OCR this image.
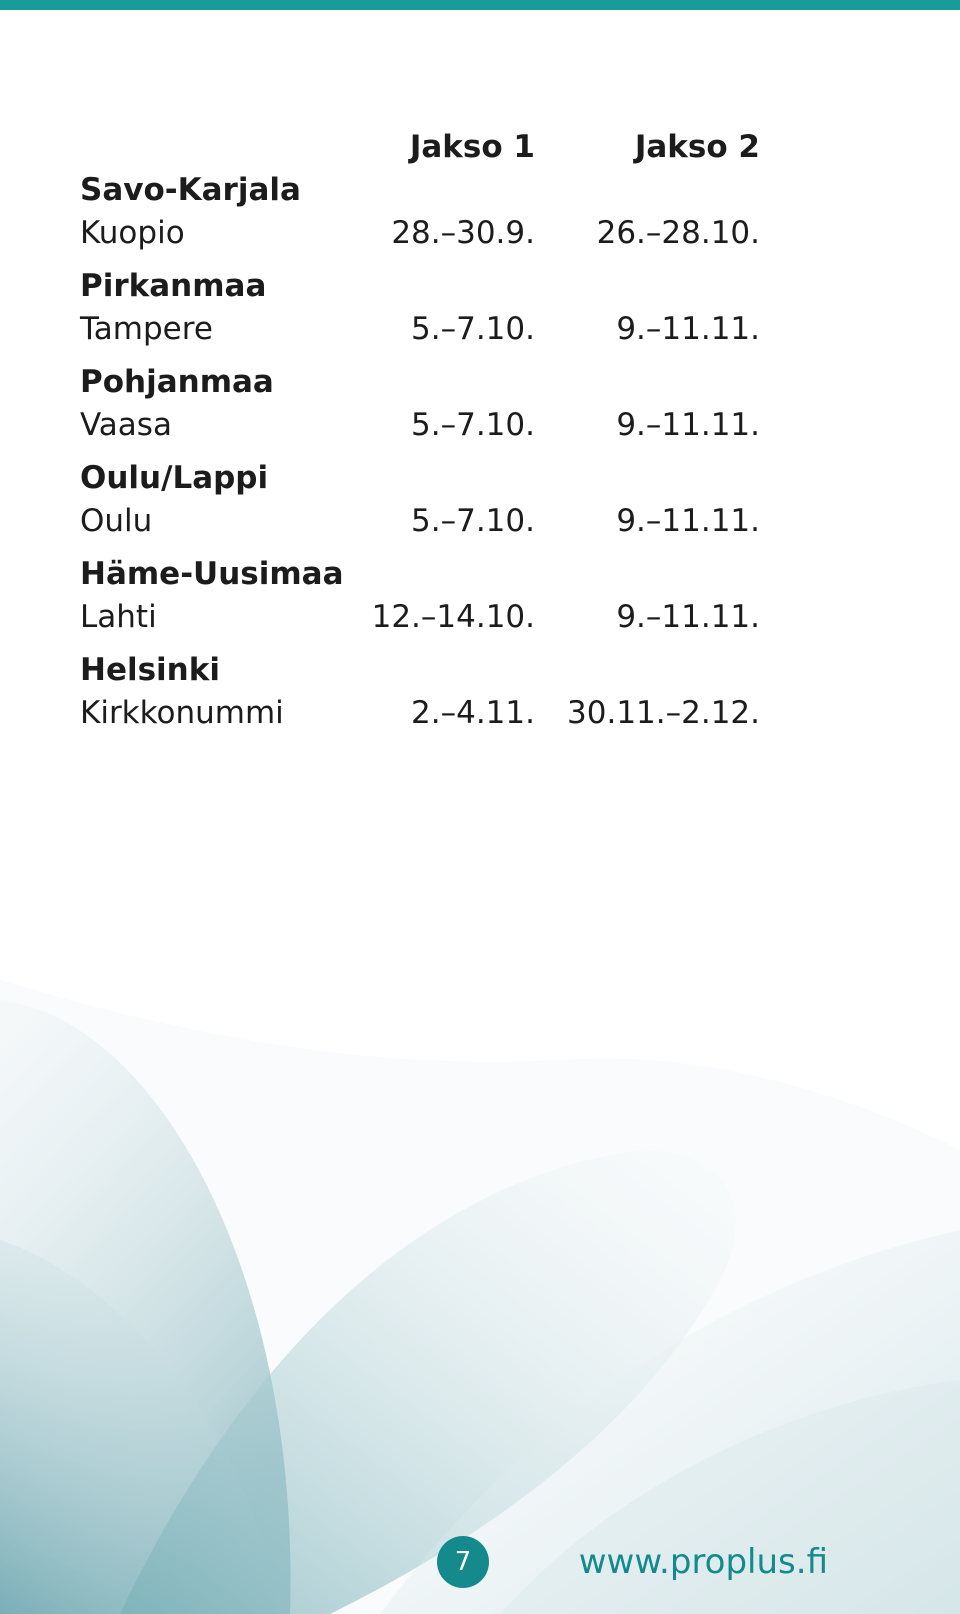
Jakso 1	Jakso 2
Savo-Karjala
Kuopio	28.–30.9. 26.–28.10.
Pirkanmaa
Tampere	5.–7.10.	9.–11.11.
Pohjanmaa
Vaasa	5.–7.10.	9.–11.11.
Oulu/Lappi
Oulu	5.–7.10.	9.–11.11.
Häme-Uusimaa
Lahti	12.–14.10.	9.–11.11.
Helsinki
Kirkkonummi	2.–4.11. 30.11.–2.12.
7	www.proplus.fi
